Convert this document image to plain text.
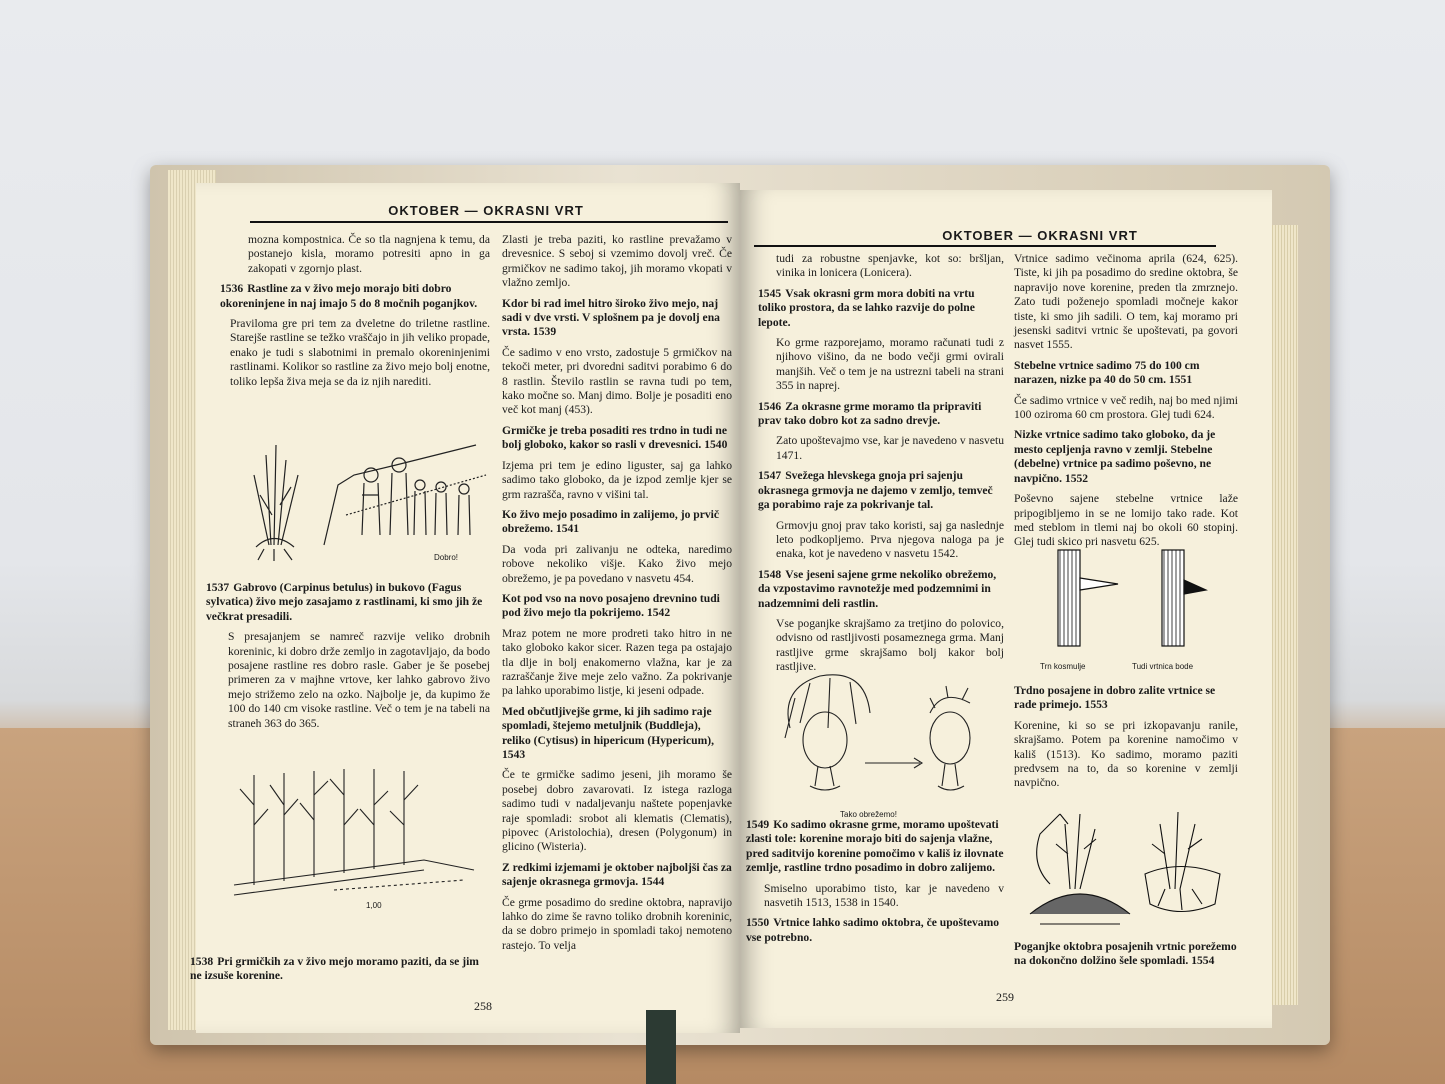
OKTOBER — OKRASNI VRT

mozna kompostnica. Če so tla nagnjena k temu, da postanejo kisla, moramo potresiti apno in ga zakopati v zgornjo plast.

1536 Rastline za v živo mejo morajo biti dobro okoreninjene in naj imajo 5 do 8 močnih poganjkov.

Praviloma gre pri tem za dveletne do triletne rastline. Starejše rastline se težko vraščajo in jih veliko propade, enako je tudi s slabotnimi in premalo okoreninjenimi rastlinami. Kolikor so rastline za živo mejo bolj enotne, toliko lepša živa meja se da iz njih narediti.

Dobro!
1537 Gabrovo (Carpinus betulus) in bukovo (Fagus sylvatica) živo mejo zasajamo z rastlinami, ki smo jih že večkrat presadili.

S presajanjem se namreč razvije veliko drobnih koreninic, ki dobro drže zemljo in zagotavljajo, da bodo posajene rastline res dobro rasle. Gaber je še posebej primeren za v majhne vrtove, ker lahko gabrovo živo mejo strižemo zelo na ozko. Najbolje je, da kupimo že 100 do 140 cm visoke rastline. Več o tem je na tabeli na straneh 363 do 365.

1,00
1538 Pri grmičkih za v živo mejo moramo paziti, da se jim ne izsuše korenine.

Zlasti je treba paziti, ko rastline prevažamo v drevesnice. S seboj si vzemimo dovolj vreč. Če grmičkov ne sadimo takoj, jih moramo vkopati v vlažno zemljo.

Kdor bi rad imel hitro široko živo mejo, naj sadi v dve vrsti. V splošnem pa je dovolj ena vrsta. 1539

Če sadimo v eno vrsto, zadostuje 5 grmičkov na tekoči meter, pri dvoredni saditvi porabimo 6 do 8 rastlin. Število rastlin se ravna tudi po tem, kako močne so. Manj dimo. Bolje je posaditi eno več kot manj (453).

Grmičke je treba posaditi res trdno in tudi ne bolj globoko, kakor so rasli v drevesnici. 1540

Izjema pri tem je edino liguster, saj ga lahko sadimo tako globoko, da je izpod zemlje kjer se grm razrašča, ravno v višini tal.

Ko živo mejo posadimo in zalijemo, jo prvič obrežemo. 1541

Da voda pri zalivanju ne odteka, naredimo robove nekoliko višje. Kako živo mejo obrežemo, je pa povedano v nasvetu 454.

Kot pod vso na novo posajeno drevnino tudi pod živo mejo tla pokrijemo. 1542

Mraz potem ne more prodreti tako hitro in ne tako globoko kakor sicer. Razen tega pa ostajajo tla dlje in bolj enakomerno vlažna, kar je za razraščanje žive meje zelo važno. Za pokrivanje pa lahko uporabimo listje, ki jeseni odpade.

Med občutljivejše grme, ki jih sadimo raje spomladi, štejemo metuljnik (Buddleja), reliko (Cytisus) in hipericum (Hypericum), 1543

Če te grmičke sadimo jeseni, jih moramo še posebej dobro zavarovati. Iz istega razloga sadimo tudi v nadaljevanju naštete popenjavke raje spomladi: srobot ali klematis (Clematis), pipovec (Aristolochia), dresen (Polygonum) in glicino (Wisteria).

Z redkimi izjemami je oktober najboljši čas za sajenje okrasnega grmovja. 1544

Če grme posadimo do sredine oktobra, napravijo lahko do zime še ravno toliko drobnih koreninic, da se dobro primejo in spomladi takoj nemoteno rastejo. To velja

258
OKTOBER — OKRASNI VRT

tudi za robustne spenjavke, kot so: bršljan, vinika in lonicera (Lonicera).

1545 Vsak okrasni grm mora dobiti na vrtu toliko prostora, da se lahko razvije do polne lepote.

Ko grme razporejamo, moramo računati tudi z njihovo višino, da ne bodo večji grmi ovirali manjših. Več o tem je na ustrezni tabeli na strani 355 in naprej.

1546 Za okrasne grme moramo tla pripraviti prav tako dobro kot za sadno drevje.

Zato upoštevajmo vse, kar je navedeno v nasvetu 1471.

1547 Svežega hlevskega gnoja pri sajenju okrasnega grmovja ne dajemo v zemljo, temveč ga porabimo raje za pokrivanje tal.

Grmovju gnoj prav tako koristi, saj ga naslednje leto podkopljemo. Prva njegova naloga pa je enaka, kot je navedeno v nasvetu 1542.

1548 Vse jeseni sajene grme nekoliko obrežemo, da vzpostavimo ravnotežje med podzemnimi in nadzemnimi deli rastlin.

Vse poganjke skrajšamo za tretjino do polovico, odvisno od rastljivosti posameznega grma. Manj rastljive grme skrajšamo bolj kakor bolj rastljive.

Tako obrežemo!
1549 Ko sadimo okrasne grme, moramo upoštevati zlasti tole: korenine morajo biti do sajenja vlažne, pred saditvijo korenine pomočimo v kališ iz ilovnate zemlje, rastline trdno posadimo in dobro zalijemo.

Smiselno uporabimo tisto, kar je navedeno v nasvetih 1513, 1538 in 1540.

1550 Vrtnice lahko sadimo oktobra, če upoštevamo vse potrebno.

Vrtnice sadimo večinoma aprila (624, 625). Tiste, ki jih pa posadimo do sredine oktobra, še napravijo nove korenine, preden tla zmrznejo. Zato tudi poženejo spomladi močneje kakor tiste, ki smo jih sadili. O tem, kaj moramo pri jesenski saditvi vrtnic še upoštevati, pa govori nasvet 1555.

Stebelne vrtnice sadimo 75 do 100 cm narazen, nizke pa 40 do 50 cm. 1551

Če sadimo vrtnice v več redih, naj bo med njimi 100 oziroma 60 cm prostora. Glej tudi 624.

Nizke vrtnice sadimo tako globoko, da je mesto cepljenja ravno v zemlji. Stebelne (debelne) vrtnice pa sadimo poševno, ne navpično. 1552

Poševno sajene stebelne vrtnice laže pripogibljemo in se ne lomijo tako rade. Kot med steblom in tlemi naj bo okoli 60 stopinj. Glej tudi skico pri nasvetu 625.

Trn kosmulje	Tudi vrtnica bode
Trdno posajene in dobro zalite vrtnice se rade primejo. 1553

Korenine, ki so se pri izkopavanju ranile, skrajšamo. Potem pa korenine namočimo v kališ (1513). Ko sadimo, moramo paziti predvsem na to, da so korenine v zemlji navpično.

Poganjke oktobra posajenih vrtnic porežemo na dokončno dolžino šele spomladi. 1554
259
